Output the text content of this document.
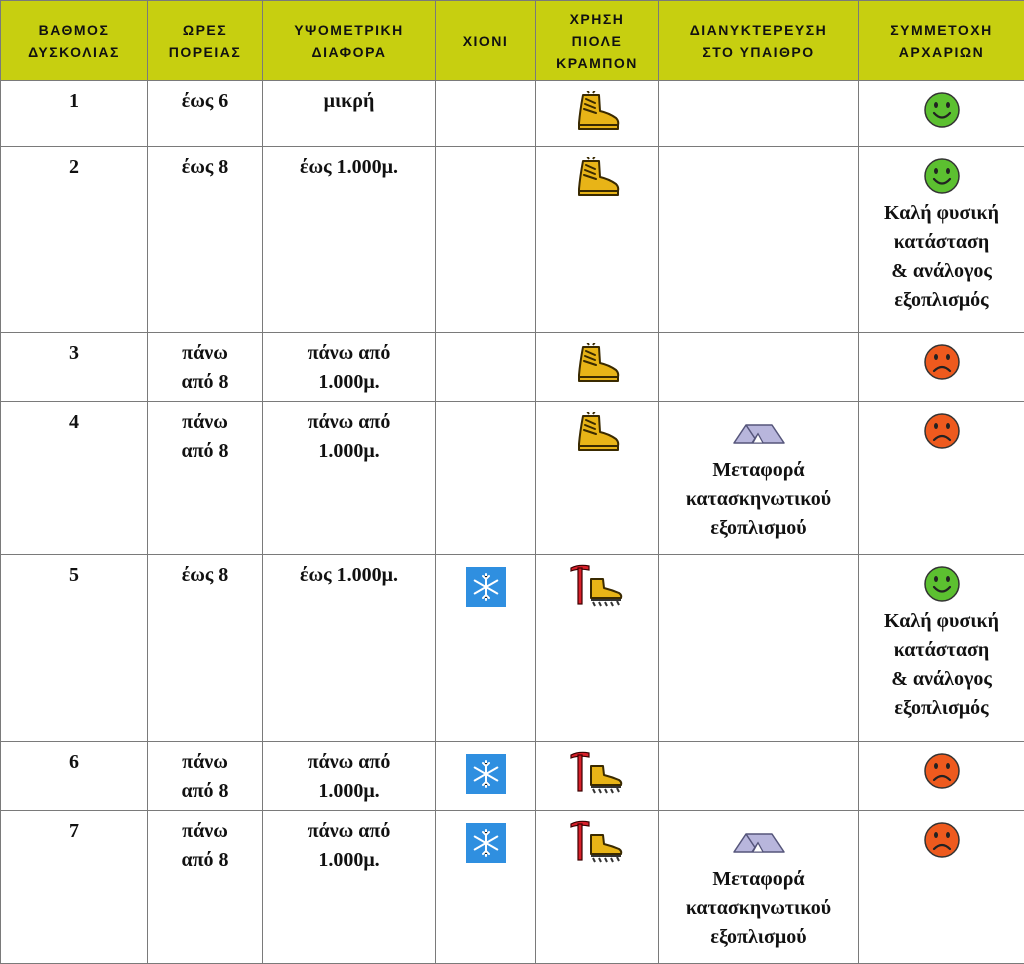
ΒΑΘΜΟΣ
ΔΥΣΚΟΛΙΑΣ	ΩΡΕΣ
ΠΟΡΕΙΑΣ	ΥΨΟΜΕΤΡΙΚΗ
ΔΙΑΦΟΡΑ	ΧΙΟΝΙ	ΧΡΗΣΗ
ΠΙΟΛΕ
ΚΡΑΜΠΟΝ	ΔΙΑΝΥΚΤΕΡΕΥΣΗ
ΣΤΟ ΥΠΑΙΘΡΟ	ΣΥΜΜΕΤΟΧΗ
ΑΡΧΑΡΙΩΝ

1	έως 6	μικρή

2	έως 8	έως 1.000μ.				Καλή φυσική
κατάσταση
& ανάλογος
εξοπλισμός

3	πάνω
από 8	πάνω από
1.000μ.

4	πάνω
από 8	πάνω από
1.000μ.			Μεταφορά
κατασκηνωτικού
εξοπλισμού

5	έως 8	έως 1.000μ.				Καλή φυσική
κατάσταση
& ανάλογος
εξοπλισμός

6	πάνω
από 8	πάνω από
1.000μ.

7	πάνω
από 8	πάνω από
1.000μ.			Μεταφορά
κατασκηνωτικού
εξοπλισμού
